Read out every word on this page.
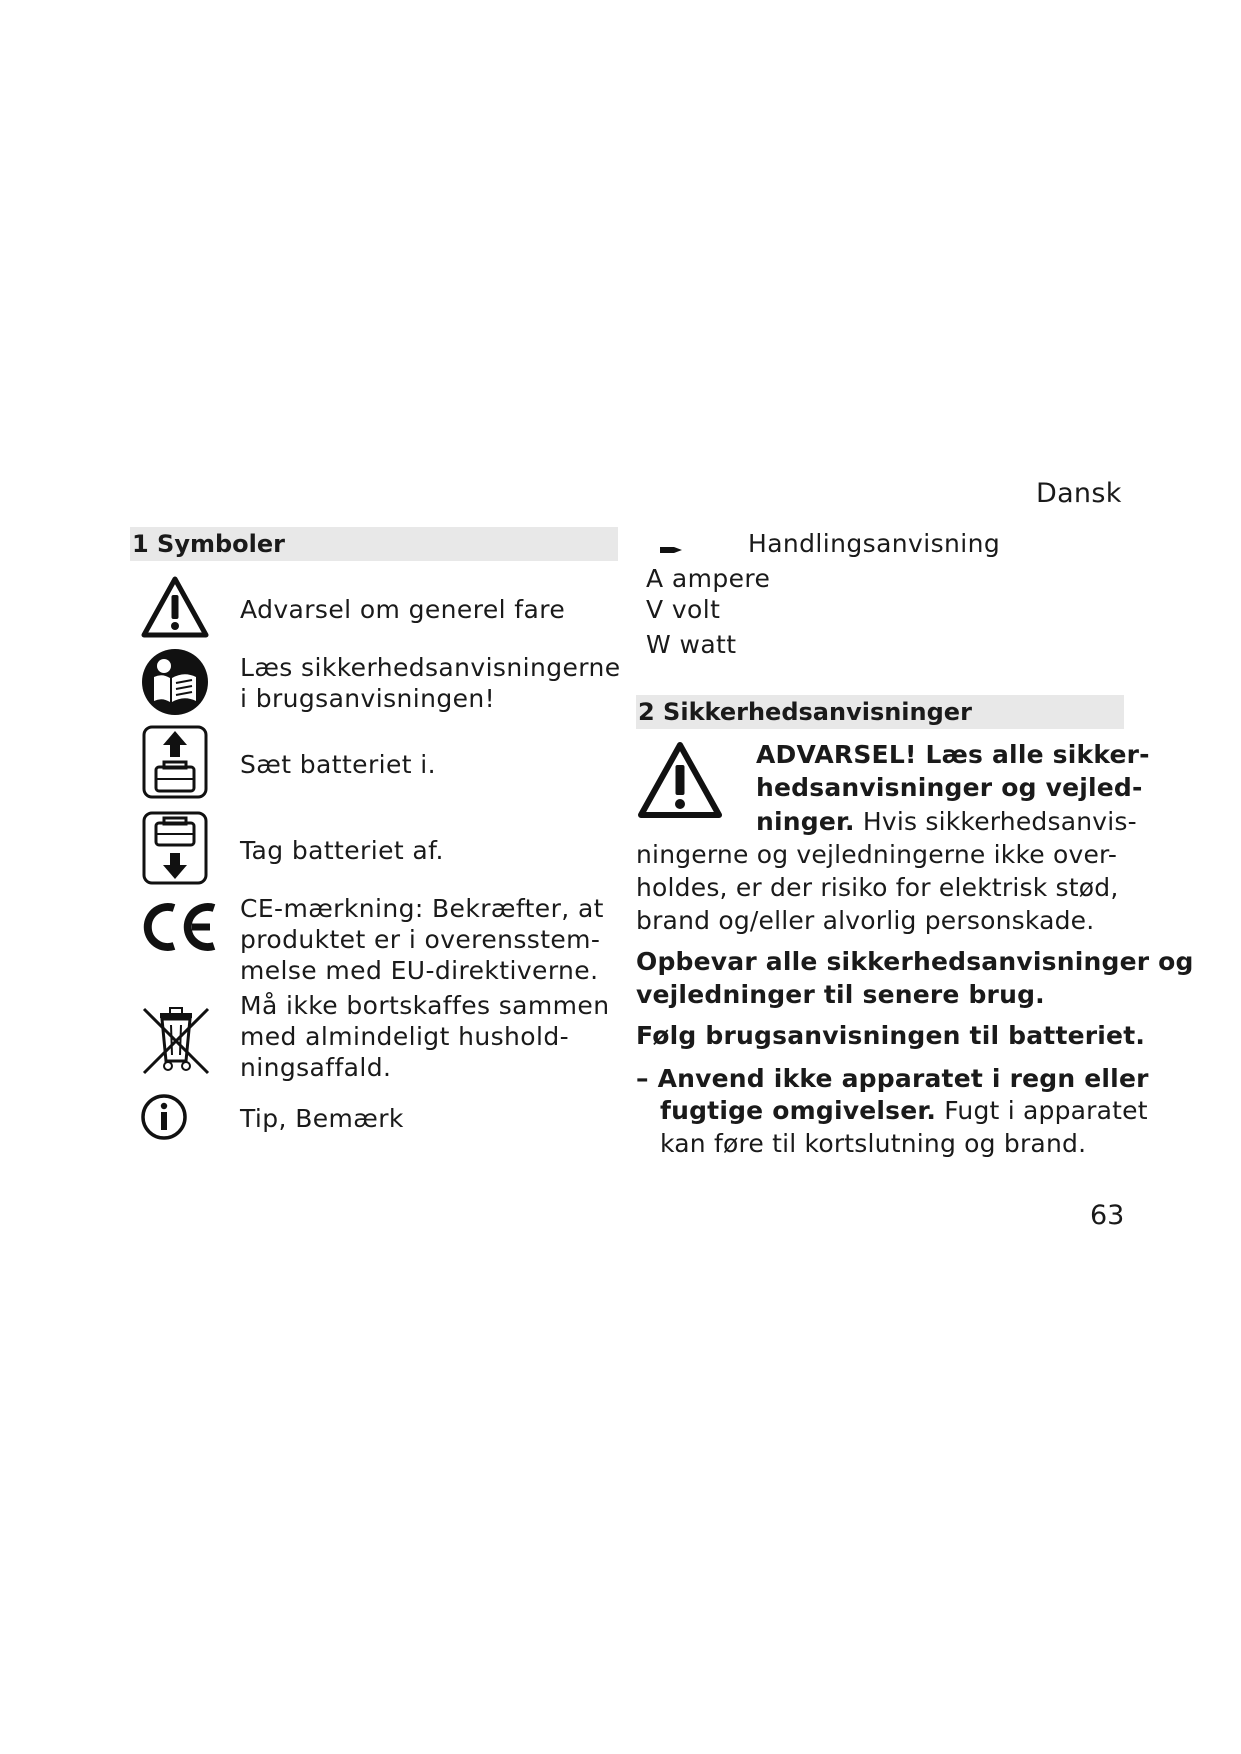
Dansk
1 Symboler
Advarsel om generel fare
Læs sikkerhedsanvisningerne
i brugsanvisningen!
Sæt batteriet i.
Tag batteriet af.
CE-mærkning: Bekræfter, at
produktet er i overensstem-
melse med EU-direktiverne.
Må ikke bortskaffes sammen
med almindeligt hushold-
ningsaffald.
Tip, Bemærk
Handlingsanvisning
A ampere
V volt
W watt
2 Sikkerhedsanvisninger
ADVARSEL! Læs alle sikker-
hedsanvisninger og vejled-
ninger. Hvis sikkerhedsanvis-
ningerne og vejledningerne ikke over-
holdes, er der risiko for elektrisk stød,
brand og/eller alvorlig personskade.
Opbevar alle sikkerhedsanvisninger og
vejledninger til senere brug.
Følg brugsanvisningen til batteriet.
– Anvend ikke apparatet i regn eller
fugtige omgivelser. Fugt i apparatet
kan føre til kortslutning og brand.
63
